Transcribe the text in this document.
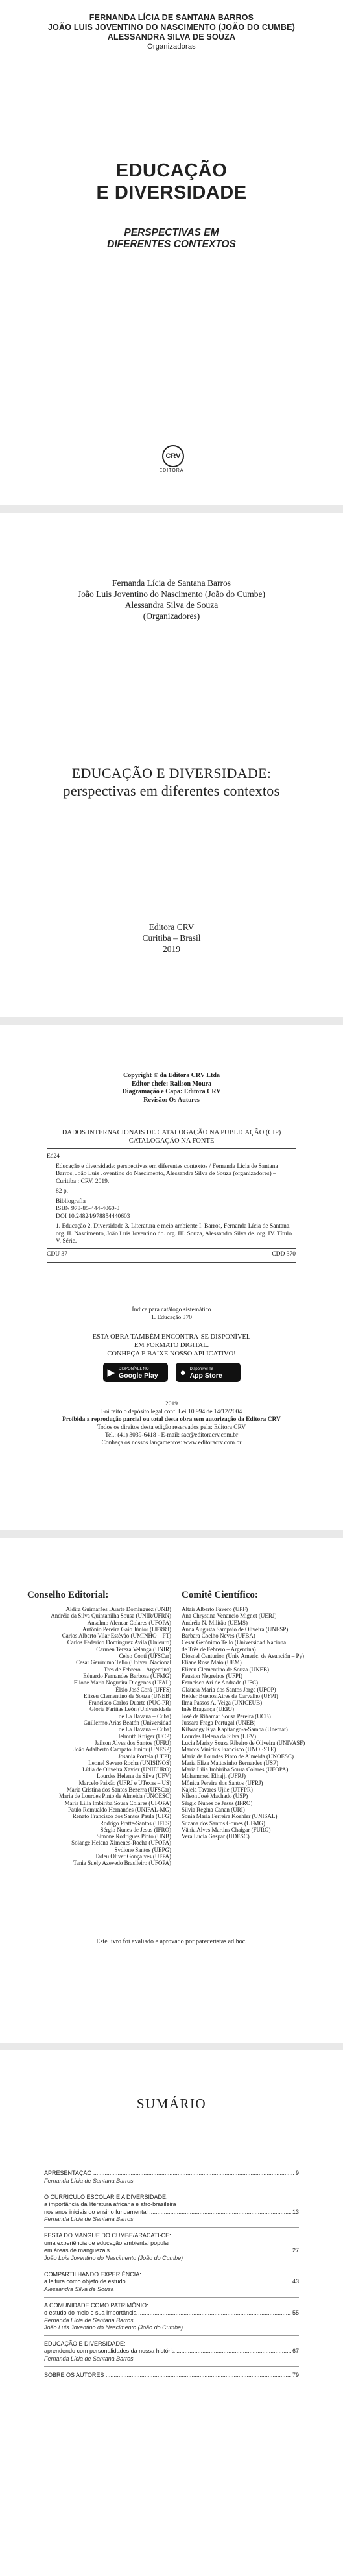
FERNANDA LÍCIA DE SANTANA BARROS
JOÃO LUIS JOVENTINO DO NASCIMENTO (JOÃO DO CUMBE)
ALESSANDRA SILVA DE SOUZA
Organizadoras
EDUCAÇÃO
E DIVERSIDADE
PERSPECTIVAS EM
DIFERENTES CONTEXTOS
CRV
EDITORA
Fernanda Lícia de Santana Barros
João Luis Joventino do Nascimento (João do Cumbe)
Alessandra Silva de Souza
(Organizadores)
EDUCAÇÃO E DIVERSIDADE:
perspectivas em diferentes contextos
Editora CRV
Curitiba – Brasil
2019
Copyright © da Editora CRV Ltda
Editor-chefe: Railson Moura
Diagramação e Capa: Editora CRV
Revisão: Os Autores
DADOS INTERNACIONAIS DE CATALOGAÇÃO NA PUBLICAÇÃO (CIP)
CATALOGAÇÃO NA FONTE

Ed24

Educação e diversidade: perspectivas em diferentes contextos / Fernanda Lícia de Santana Barros, João Luis Joventino do Nascimento, Alessandra Silva de Souza (organizadores) – Curitiba : CRV, 2019.

82 p.

Bibliografia

ISBN 978-85-444-4060-3

DOI 10.24824/978854440603

1. Educação 2. Diversidade 3. Literatura e meio ambiente I. Barros, Fernanda Lícia de Santana. org. II. Nascimento, João Luis Joventino do. org. III. Souza, Alessandra Silva de. org. IV. Título V. Série.

CDU 37	CDD 370
Índice para catálogo sistemático
1. Educação 370
ESTA OBRA TAMBÉM ENCONTRA-SE DISPONÍVEL
EM FORMATO DIGITAL.
CONHEÇA E BAIXE NOSSO APLICATIVO!
▶ DISPONÍVEL NO
Google Play ● Disponível na
App Store
2019
Foi feito o depósito legal conf. Lei 10.994 de 14/12/2004
Proibida a reprodução parcial ou total desta obra sem autorização da Editora CRV
Todos os direitos desta edição reservados pela: Editora CRV
Tel.: (41) 3039-6418 - E-mail: sac@editoracrv.com.br
Conheça os nossos lançamentos: www.editoracrv.com.br
Conselho Editorial:
Aldira Guimarães Duarte Domínguez (UNB)
Andréia da Silva Quintanilha Sousa (UNIR/UFRN)
Anselmo Alencar Colares (UFOPA)
Antônio Pereira Gaio Júnior (UFRRJ)
Carlos Alberto Vilar Estêvão (UMINHO – PT)
Carlos Federico Dominguez Avila (Unieuro)
Carmen Tereza Velanga (UNIR)
Celso Conti (UFSCar)
Cesar Gerónimo Tello (Univer .Nacional
Tres de Febrero – Argentina)
Eduardo Fernandes Barbosa (UFMG)
Elione Maria Nogueira Diogenes (UFAL)
Élsio José Corá (UFFS)
Elizeu Clementino de Souza (UNEB)
Francisco Carlos Duarte (PUC-PR)
Gloria Fariñas León (Universidade
de La Havana – Cuba)
Guillermo Arias Beatón (Universidad
de La Havana – Cuba)
Helmuth Krüger (UCP)
Jailson Alves dos Santos (UFRJ)
João Adalberto Campato Junior (UNESP)
Josania Portela (UFPI)
Leonel Severo Rocha (UNISINOS)
Lídia de Oliveira Xavier (UNIEURO)
Lourdes Helena da Silva (UFV)
Marcelo Paixão (UFRJ e UTexas – US)
Maria Cristina dos Santos Bezerra (UFSCar)
Maria de Lourdes Pinto de Almeida (UNOESC)
Maria Lília Imbiriba Sousa Colares (UFOPA)
Paulo Romualdo Hernandes (UNIFAL-MG)
Renato Francisco dos Santos Paula (UFG)
Rodrigo Pratte-Santos (UFES)
Sérgio Nunes de Jesus (IFRO)
Simone Rodrigues Pinto (UNB)
Solange Helena Ximenes-Rocha (UFOPA)
Sydione Santos (UEPG)
Tadeu Oliver Gonçalves (UFPA)
Tania Suely Azevedo Brasileiro (UFOPA)
Comitê Científico:
Altair Alberto Fávero (UPF)
Ana Chrystina Venancio Mignot (UERJ)
Andréia N. Militão (UEMS)
Anna Augusta Sampaio de Oliveira (UNESP)
Barbara Coelho Neves (UFBA)
Cesar Gerónimo Tello (Universidad Nacional
de Três de Febrero – Argentina)
Diosnel Centurion (Univ Americ. de Asunción – Py)
Eliane Rose Maio (UEM)
Elizeu Clementino de Souza (UNEB)
Fauston Negreiros (UFPI)
Francisco Ari de Andrade (UFC)
Gláucia Maria dos Santos Jorge (UFOP)
Helder Buenos Aires de Carvalho (UFPI)
Ilma Passos A. Veiga (UNICEUB)
Inês Bragança (UERJ)
José de Ribamar Sousa Pereira (UCB)
Jussara Fraga Portugal (UNEB)
Kilwangy Kya Kapitango-a-Samba (Unemat)
Lourdes Helena da Silva (UFV)
Lucia Marisy Souza Ribeiro de Oliveira (UNIVASF)
Marcos Vinicius Francisco (UNOESTE)
Maria de Lourdes Pinto de Almeida (UNOESC)
Maria Eliza Mattosinho Bernardes (USP)
Maria Lília Imbiriba Sousa Colares (UFOPA)
Mohammed Elhajji (UFRJ)
Mônica Pereira dos Santos (UFRJ)
Najela Tavares Ujiie (UTFPR)
Nilson José Machado (USP)
Sérgio Nunes de Jesus (IFRO)
Silvia Regina Canan (URI)
Sonia Maria Ferreira Koehler (UNISAL)
Suzana dos Santos Gomes (UFMG)
Vânia Alves Martins Chaigar (FURG)
Vera Lucia Gaspar (UDESC)
Este livro foi avaliado e aprovado por pareceristas ad hoc.
SUMÁRIO
APRESENTAÇÃO .....	9
Fernanda Lícia de Santana Barros
O CURRÍCULO ESCOLAR E A DIVERSIDADE:
a importância da literatura africana e afro-brasileira
nos anos iniciais do ensino fundamental .....	13
Fernanda Lícia de Santana Barros
FESTA DO MANGUE DO CUMBE/ARACATI-CE:
uma experiência de educação ambiental popular
em áreas de manguezais .....	27
João Luis Joventino do Nascimento (João do Cumbe)
COMPARTILHANDO EXPERIÊNCIA:
a leitura como objeto de estudo .....	43
Alessandra Silva de Souza
A COMUNIDADE COMO PATRIMÔNIO:
o estudo do meio e sua importância .....	55
Fernanda Lícia de Santana Barros
João Luis Joventino do Nascimento (João do Cumbe)
EDUCAÇÃO E DIVERSIDADE:
aprendendo com personalidades da nossa história .....	67
Fernanda Lícia de Santana Barros
SOBRE OS AUTORES .....	79
